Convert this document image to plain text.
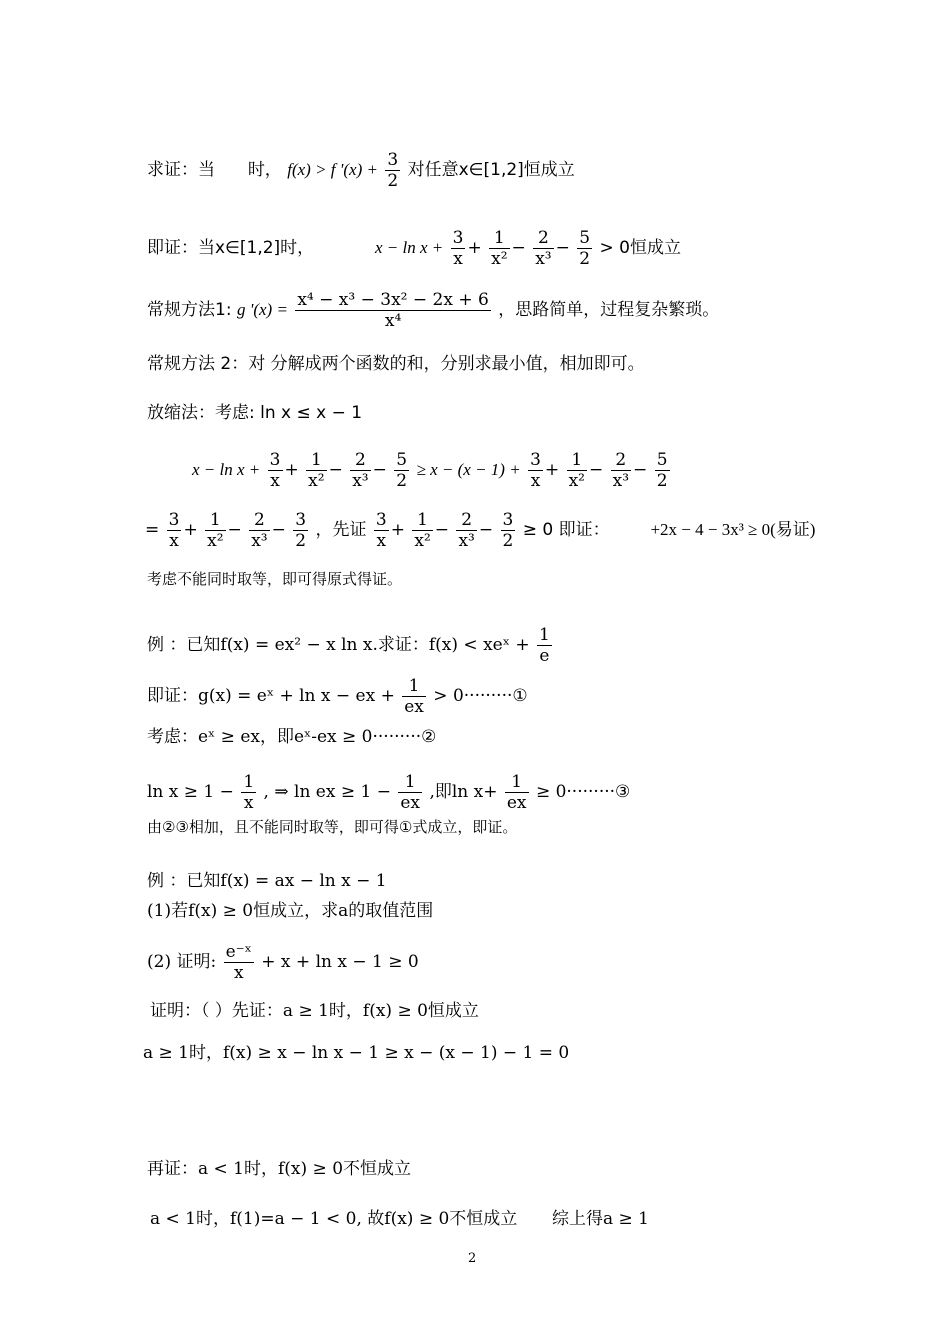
求证：当 时， f(x) > f '$(x) + \frac{3}{2}$ 对任意x∈[1,2]恒成立
即证：当x∈[1,2]时，	$x - \ln x + \frac{3}{x} + \frac{1}{\text{x²}} - \frac{2}{\text{x³}} - \frac{5}{2} > 0$恒成立
常规方法1: g '$(x) = \frac{\text{x⁴ − x³ − 3x² − 2x + 6}}{\text{x⁴}}$ ，思路简单，过程复杂繁琐。
常规方法 2：对 分解成两个函数的和，分别求最小值，相加即可。
放缩法：考虑: ln x ≤ x − 1
$x - \ln x + \frac{3}{x} + \frac{1}{\text{x²}} - \frac{2}{\text{x³}} - \frac{5}{2} \ge x - (x - 1) + \frac{3}{x} + \frac{1}{\text{x²}} - \frac{2}{\text{x³}} - \frac{5}{2}$
= $\frac{3}{x} + \frac{1}{\text{x²}} - \frac{2}{\text{x³}} - \frac{3}{2}$ ，先证 $\frac{3}{x} + \frac{1}{\text{x²}} - \frac{2}{\text{x³}} - \frac{3}{2} \ge 0$ 即证： +2x − 4 − 3x³ ≥ 0(易证)
考虑不能同时取等，即可得原式得证。
例 ：已知f(x) = ex² − x ln x.求证：f(x) < xeˣ + $\frac{1}{e}$
即证：g(x) = eˣ + ln x − ex + $\frac{1}{ex}$ > 0·········①
考虑：eˣ ≥ ex，即eˣ-ex ≥ 0·········②
$\ln x \ge 1 - \frac{1}{x}$ , ⇒ ln ex ≥ $1 - \frac{1}{ex}$ ,即$\ln x+ \frac{1}{ex}$ ≥ 0·········③
由②③相加，且不能同时取等，即可得①式成立，即证。
例 ：已知f(x) = ax − ln x − 1
(1)若f(x) ≥ 0恒成立，求a的取值范围
(2) 证明: $\frac{\text{e⁻ˣ}}{x} + x + \ln x - 1 \ge 0$
证明：（ ）先证：a ≥ 1时，f(x) ≥ 0恒成立
a ≥ 1时，f(x) ≥ x − ln x − 1 ≥ x − (x − 1) − 1 = 0
再证：a < 1时，f(x) ≥ 0不恒成立
a < 1时，f(1)=a − 1 < 0, 故f(x) ≥ 0不恒成立 综上得a ≥ 1
2
